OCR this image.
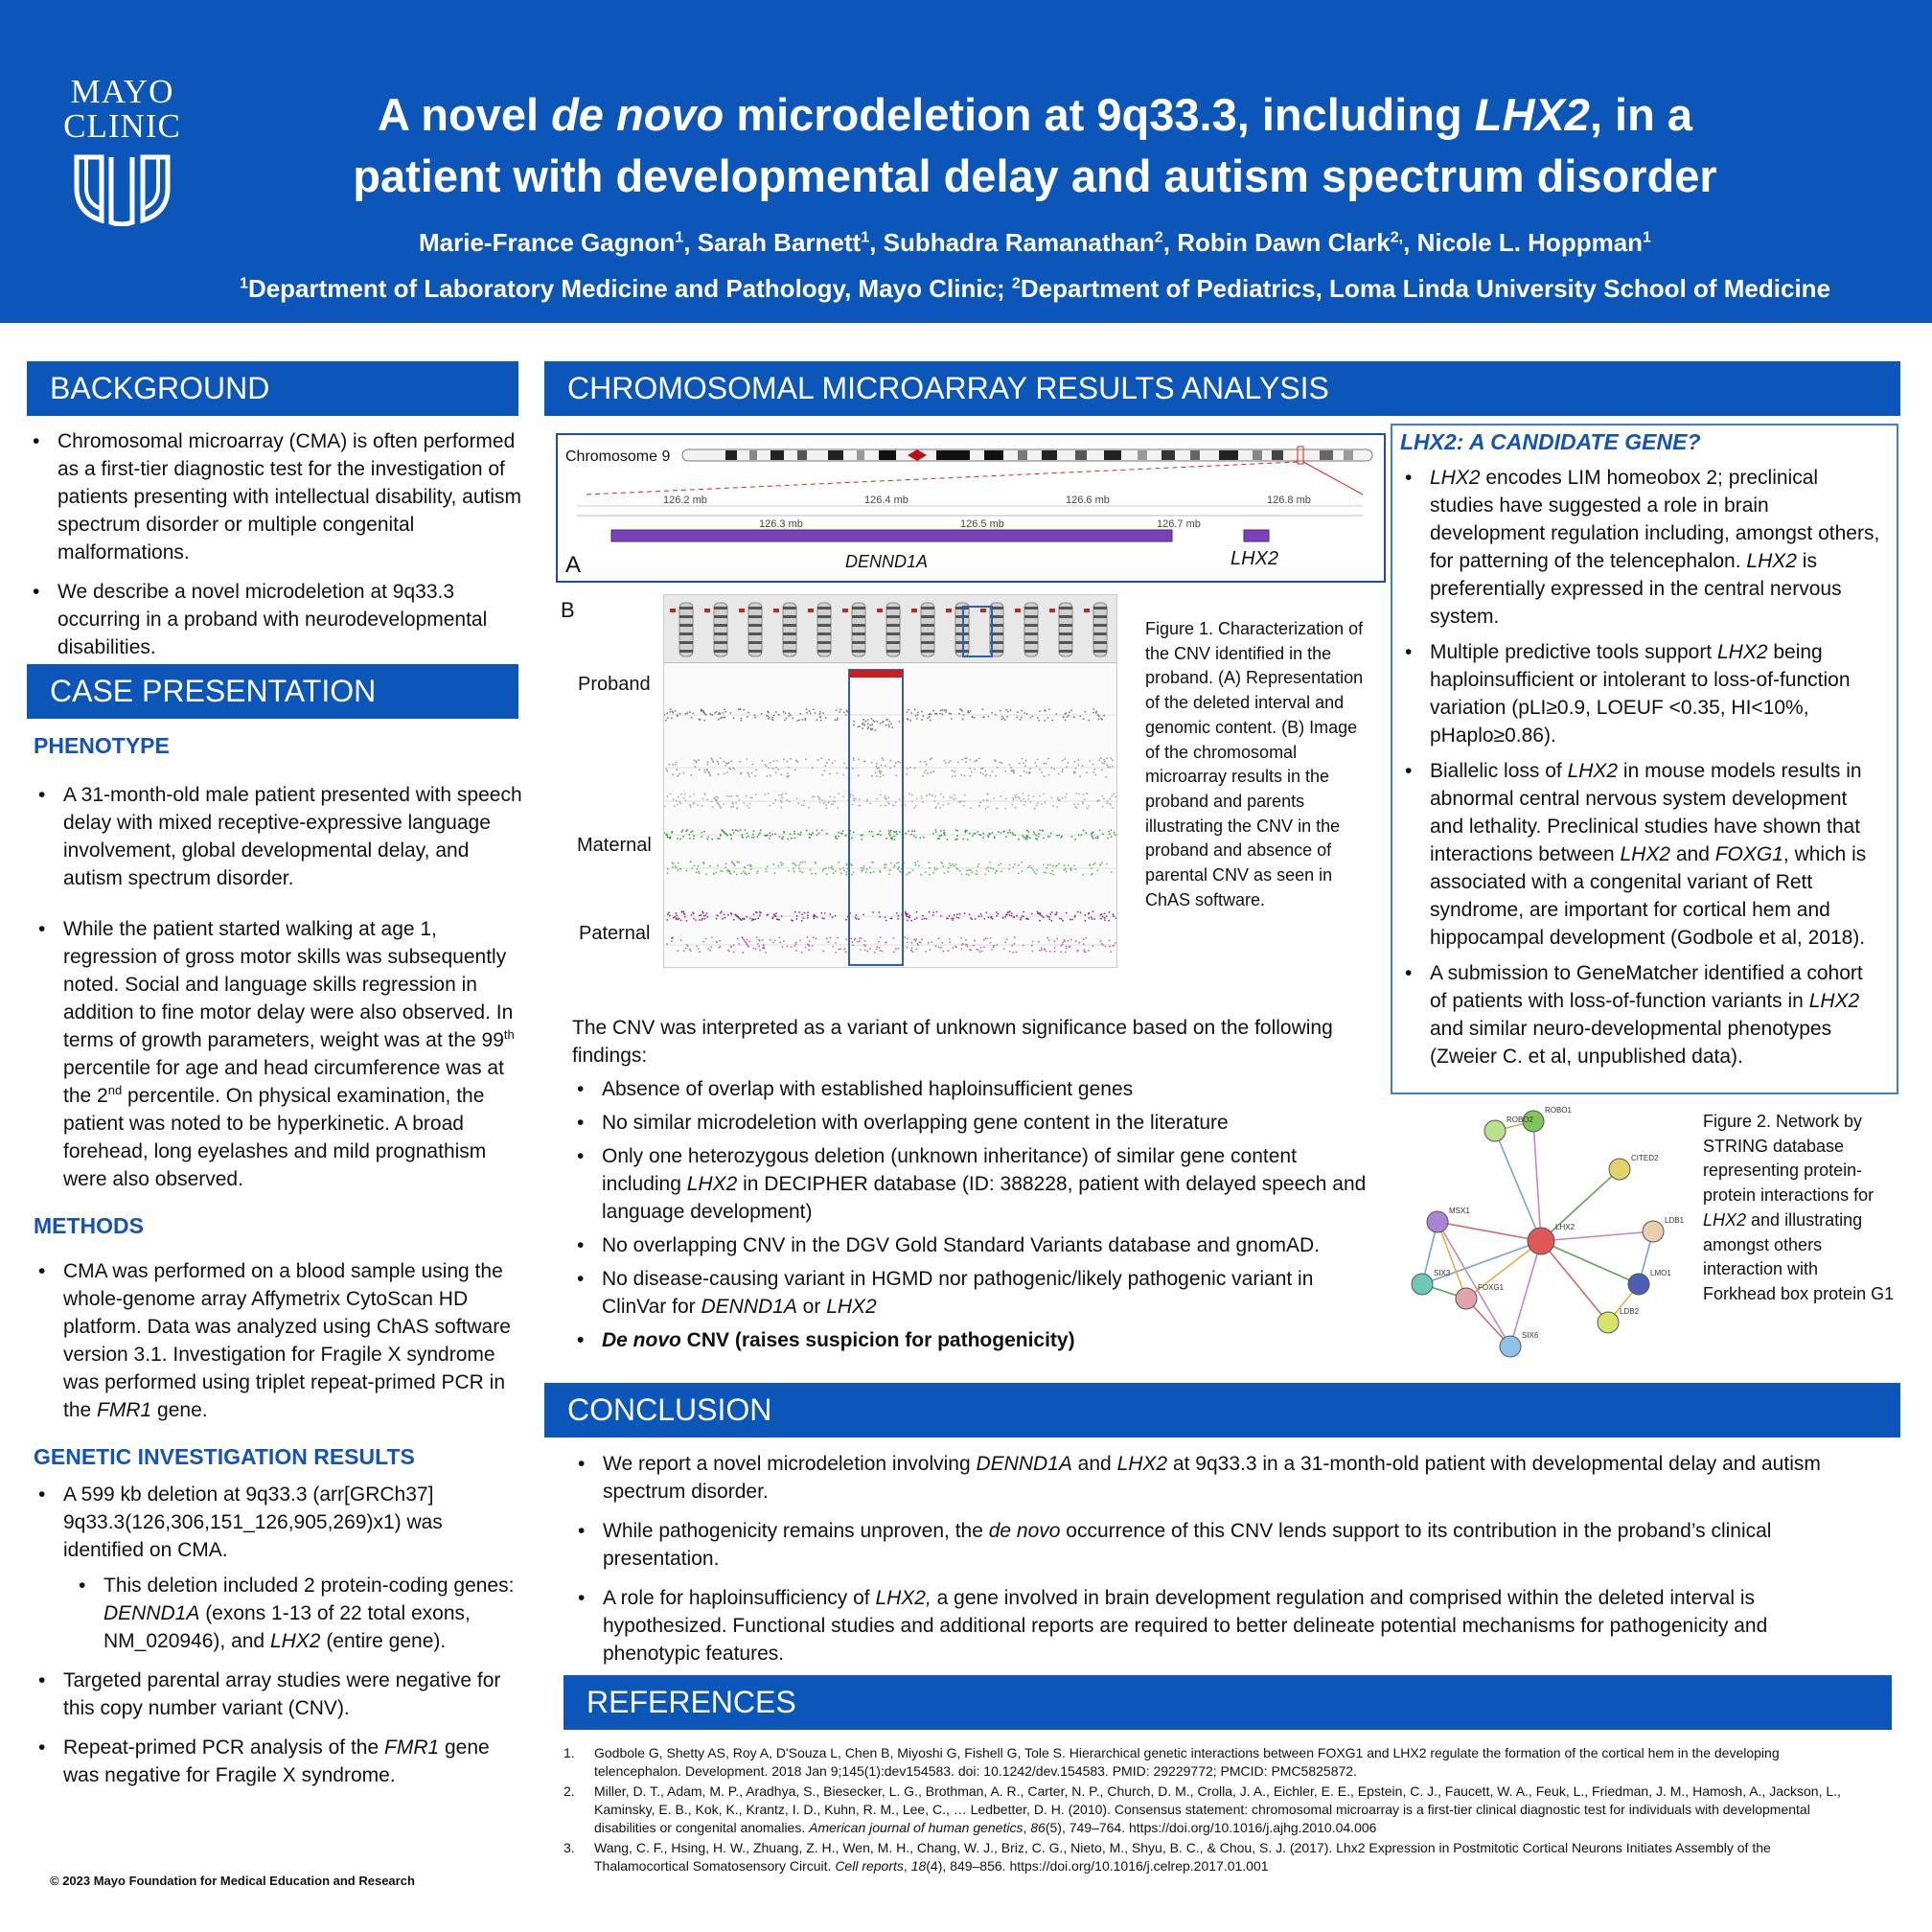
MAYO
CLINIC	A novel de novo microdeletion at 9q33.3, including LHX2, in a
patient with developmental delay and autism spectrum disorder
Marie-France Gagnon$^1$, Sarah Barnett$^1$, Subhadra Ramanathan$^2$, Robin Dawn Clark$^{2,}$, Nicole L. Hoppman$^1$
$^1$Department of Laboratory Medicine and Pathology, Mayo Clinic; $^2$Department of Pediatrics, Loma Linda University School of Medicine
BACKGROUND
• Chromosomal microarray (CMA) is often performed as a first-tier diagnostic test for the investigation of patients presenting with intellectual disability, autism spectrum disorder or multiple congenital malformations.
• We describe a novel microdeletion at 9q33.3 occurring in a proband with neurodevelopmental disabilities.
CASE PRESENTATION
PHENOTYPE
• A 31-month-old male patient presented with speech delay with mixed receptive-expressive language involvement, global developmental delay, and autism spectrum disorder.
• While the patient started walking at age 1, regression of gross motor skills was subsequently noted. Social and language skills regression in addition to fine motor delay were also observed. In terms of growth parameters, weight was at the 99th percentile for age and head circumference was at the 2nd percentile. On physical examination, the patient was noted to be hyperkinetic. A broad forehead, long eyelashes and mild prognathism were also observed.
METHODS
• CMA was performed on a blood sample using the whole-genome array Affymetrix CytoScan HD platform. Data was analyzed using ChAS software version 3.1. Investigation for Fragile X syndrome was performed using triplet repeat-primed PCR in the FMR1 gene.
GENETIC INVESTIGATION RESULTS
• A 599 kb deletion at 9q33.3 (arr[GRCh37] 9q33.3(126,306,151_126,905,269)x1) was identified on CMA.
• This deletion included 2 protein-coding genes: DENND1A (exons 1-13 of 22 total exons, NM_020946), and LHX2 (entire gene).
• Targeted parental array studies were negative for this copy number variant (CNV).
• Repeat-primed PCR analysis of the FMR1 gene was negative for Fragile X syndrome.
© 2023 Mayo Foundation for Medical Education and Research
CHROMOSOMAL MICROARRAY RESULTS ANALYSIS
Chromosome 9
126.2 mb	126.4 mb	126.6 mb	126.8 mb
126.3 mb	126.5 mb	126.7 mb
A	DENND1A	LHX2
B
Proband
Maternal
Paternal
Figure 1. Characterization of the CNV identified in the proband. (A) Representation of the deleted interval and genomic content. (B) Image of the chromosomal microarray results in the proband and parents illustrating the CNV in the proband and absence of parental CNV as seen in ChAS software.
The CNV was interpreted as a variant of unknown significance based on the following findings:
• Absence of overlap with established haploinsufficient genes
• No similar microdeletion with overlapping gene content in the literature
• Only one heterozygous deletion (unknown inheritance) of similar gene content including LHX2 in DECIPHER database (ID: 388228, patient with delayed speech and language development)
• No overlapping CNV in the DGV Gold Standard Variants database and gnomAD.
• No disease-causing variant in HGMD nor pathogenic/likely pathogenic variant in ClinVar for DENND1A or LHX2
• De novo CNV (raises suspicion for pathogenicity)
LHX2: A CANDIDATE GENE?
• LHX2 encodes LIM homeobox 2; preclinical studies have suggested a role in brain development regulation including, amongst others, for patterning of the telencephalon. LHX2 is preferentially expressed in the central nervous system.
• Multiple predictive tools support LHX2 being haploinsufficient or intolerant to loss-of-function variation (pLI≥0.9, LOEUF <0.35, HI<10%, pHaplo≥0.86).
• Biallelic loss of LHX2 in mouse models results in abnormal central nervous system development and lethality. Preclinical studies have shown that interactions between LHX2 and FOXG1, which is associated with a congenital variant of Rett syndrome, are important for cortical hem and hippocampal development (Godbole et al, 2018).
• A submission to GeneMatcher identified a cohort of patients with loss-of-function variants in LHX2 and similar neuro-developmental phenotypes (Zweier C. et al, unpublished data).
ROBO1
ROBO2
CITED2
MSX1
LHX2
LDB1
SIX3
FOXG1
LMO1
LDB2
SIX6
Figure 2. Network by STRING database representing protein-protein interactions for LHX2 and illustrating amongst others interaction with Forkhead box protein G1
CONCLUSION
• We report a novel microdeletion involving DENND1A and LHX2 at 9q33.3 in a 31-month-old patient with developmental delay and autism spectrum disorder.
• While pathogenicity remains unproven, the de novo occurrence of this CNV lends support to its contribution in the proband’s clinical presentation.
• A role for haploinsufficiency of LHX2, a gene involved in brain development regulation and comprised within the deleted interval is hypothesized. Functional studies and additional reports are required to better delineate potential mechanisms for pathogenicity and phenotypic features.
REFERENCES
1.	Godbole G, Shetty AS, Roy A, D'Souza L, Chen B, Miyoshi G, Fishell G, Tole S. Hierarchical genetic interactions between FOXG1 and LHX2 regulate the formation of the cortical hem in the developing telencephalon. Development. 2018 Jan 9;145(1):dev154583. doi: 10.1242/dev.154583. PMID: 29229772; PMCID: PMC5825872.
2.	Miller, D. T., Adam, M. P., Aradhya, S., Biesecker, L. G., Brothman, A. R., Carter, N. P., Church, D. M., Crolla, J. A., Eichler, E. E., Epstein, C. J., Faucett, W. A., Feuk, L., Friedman, J. M., Hamosh, A., Jackson, L., Kaminsky, E. B., Kok, K., Krantz, I. D., Kuhn, R. M., Lee, C., … Ledbetter, D. H. (2010). Consensus statement: chromosomal microarray is a first-tier clinical diagnostic test for individuals with developmental disabilities or congenital anomalies. American journal of human genetics, 86(5), 749–764. https://doi.org/10.1016/j.ajhg.2010.04.006
3.	Wang, C. F., Hsing, H. W., Zhuang, Z. H., Wen, M. H., Chang, W. J., Briz, C. G., Nieto, M., Shyu, B. C., & Chou, S. J. (2017). Lhx2 Expression in Postmitotic Cortical Neurons Initiates Assembly of the Thalamocortical Somatosensory Circuit. Cell reports, 18(4), 849–856. https://doi.org/10.1016/j.celrep.2017.01.001
